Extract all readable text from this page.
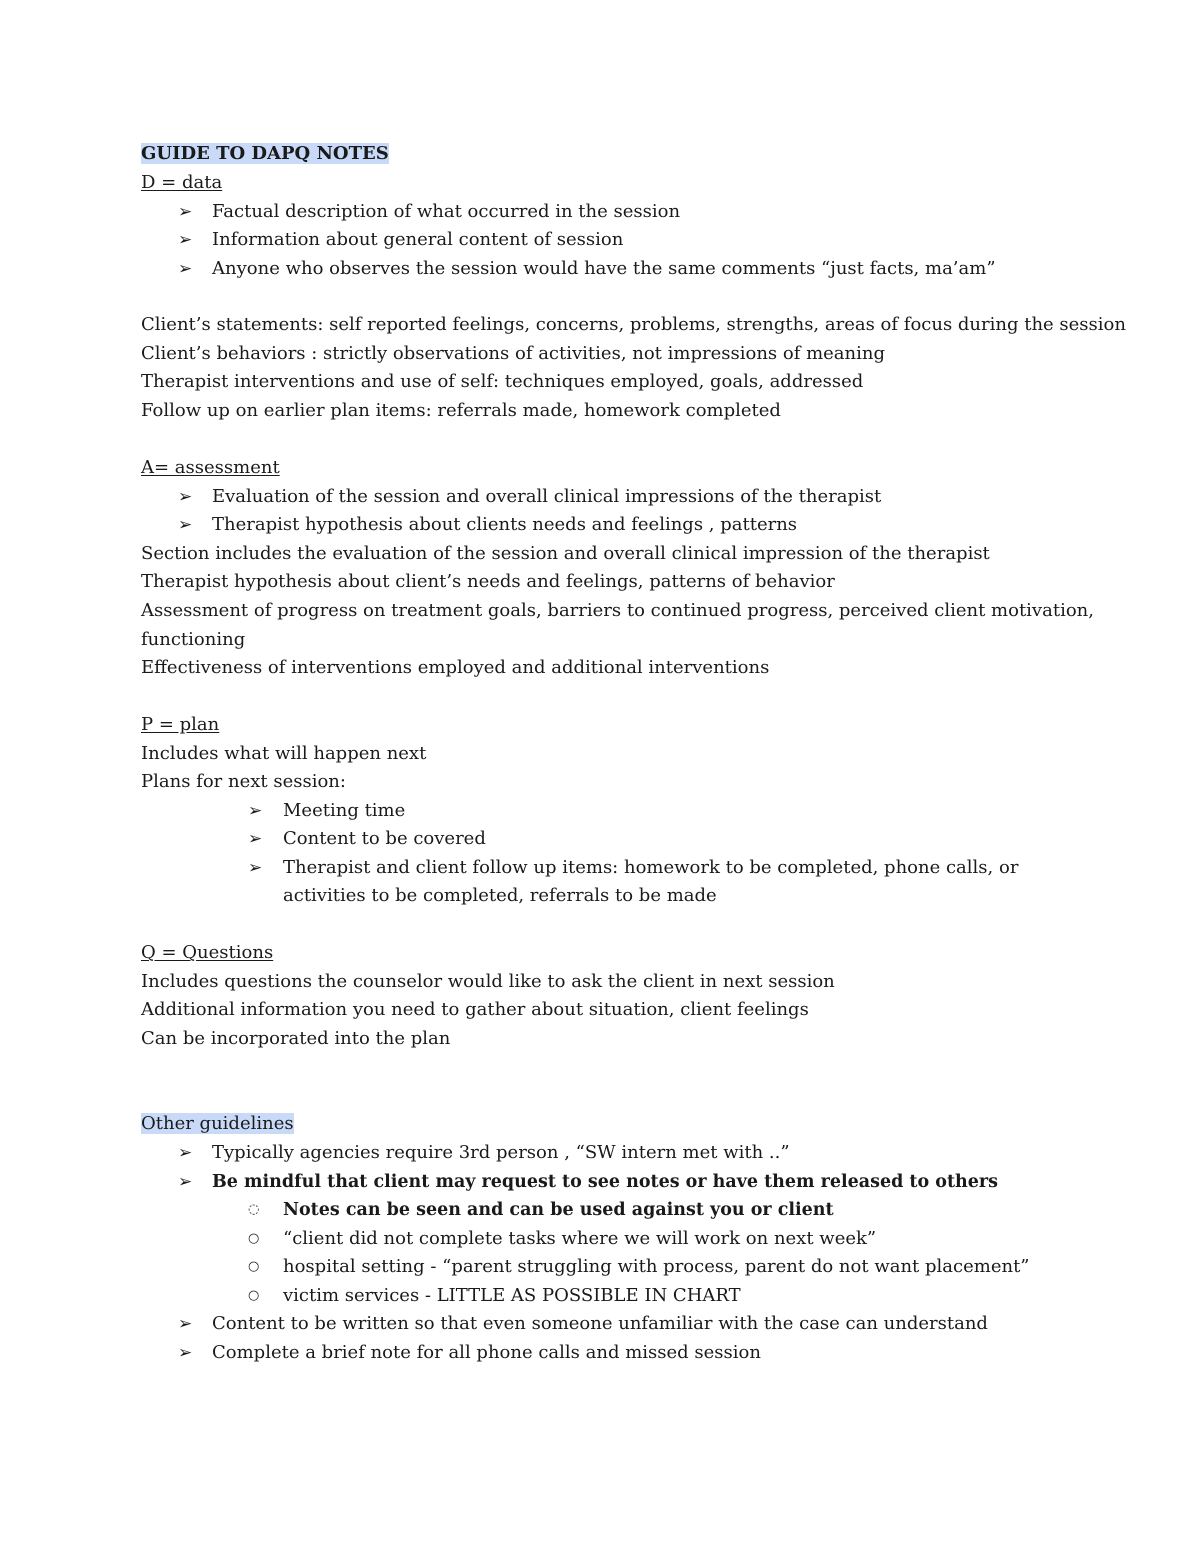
GUIDE TO DAPQ NOTES
D = data
➢ Factual description of what occurred in the session
➢ Information about general content of session
➢ Anyone who observes the session would have the same comments “just facts, ma’am”
Client’s statements: self reported feelings, concerns, problems, strengths, areas of focus during the session
Client’s behaviors : strictly observations of activities, not impressions of meaning
Therapist interventions and use of self: techniques employed, goals, addressed
Follow up on earlier plan items: referrals made, homework completed
A= assessment
➢ Evaluation of the session and overall clinical impressions of the therapist
➢ Therapist hypothesis about clients needs and feelings , patterns
Section includes the evaluation of the session and overall clinical impression of the therapist
Therapist hypothesis about client’s needs and feelings, patterns of behavior
Assessment of progress on treatment goals, barriers to continued progress, perceived client motivation,
functioning
Effectiveness of interventions employed and additional interventions
P = plan
Includes what will happen next
Plans for next session:
➢ Meeting time
➢ Content to be covered
➢ Therapist and client follow up items: homework to be completed, phone calls, or
activities to be completed, referrals to be made
Q = Questions
Includes questions the counselor would like to ask the client in next session
Additional information you need to gather about situation, client feelings
Can be incorporated into the plan
Other guidelines
➢ Typically agencies require 3rd person , “SW intern met with ..”
➢ Be mindful that client may request to see notes or have them released to others
◌ Notes can be seen and can be used against you or client
○ “client did not complete tasks where we will work on next week”
○ hospital setting - “parent struggling with process, parent do not want placement”
○ victim services - LITTLE AS POSSIBLE IN CHART
➢ Content to be written so that even someone unfamiliar with the case can understand
➢ Complete a brief note for all phone calls and missed session
